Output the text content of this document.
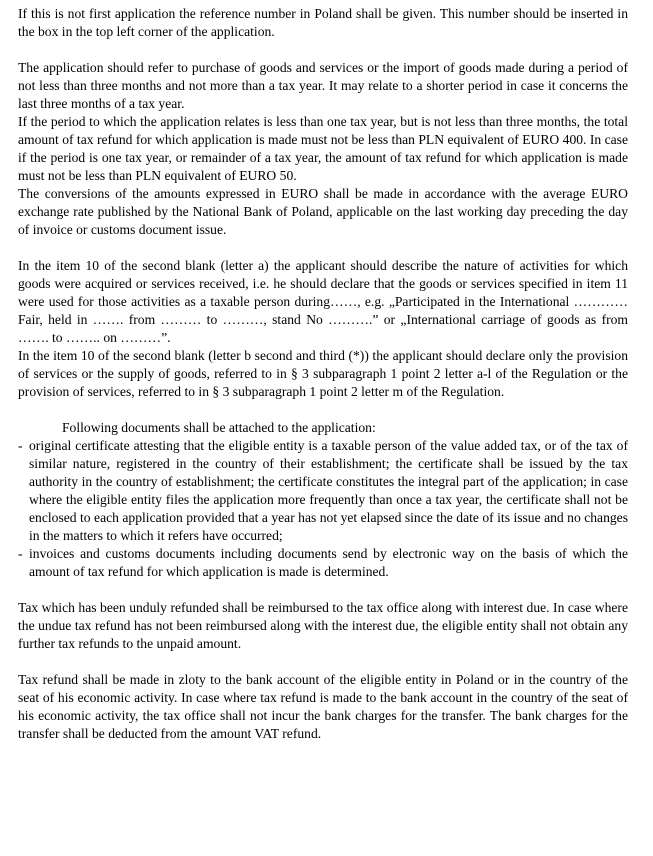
If this is not first application the reference number in Poland shall be given. This number should be inserted in the box in the top left corner of the application.

The application should refer to purchase of goods and services or the import of goods made during a period of not less than three months and not more than a tax year. It may relate to a shorter period in case it concerns the last three months of a tax year.

If the period to which the application relates is less than one tax year, but is not less than three months, the total amount of tax refund for which application is made must not be less than PLN equivalent of EURO 400. In case if the period is one tax year, or remainder of a tax year, the amount of tax refund for which application is made must not be less than PLN equivalent of EURO 50.

The conversions of the amounts expressed in EURO shall be made in accordance with the average EURO exchange rate published by the National Bank of Poland, applicable on the last working day preceding the day of invoice or customs document issue.

In the item 10 of the second blank (letter a) the applicant should describe the nature of activities for which goods were acquired or services received, i.e. he should declare that the goods or services specified in item 11 were used for those activities as a taxable person during……, e.g. „Participated in the International ………… Fair, held in ……. from ……… to ………, stand No ……….” or „International carriage of goods as from ……. to …….. on ………”.

In the item 10 of the second blank (letter b second and third (*)) the applicant should declare only the provision of services or the supply of goods, referred to in § 3 subparagraph 1 point 2 letter a-l of the Regulation or the provision of services, referred to in § 3 subparagraph 1 point 2 letter m of the Regulation.

Following documents shall be attached to the application:

- original certificate attesting that the eligible entity is a taxable person of the value added tax, or of the tax of similar nature, registered in the country of their establishment; the certificate shall be issued by the tax authority in the country of establishment; the certificate constitutes the integral part of the application; in case where the eligible entity files the application more frequently than once a tax year, the certificate shall not be enclosed to each application provided that a year has not yet elapsed since the date of its issue and no changes in the matters to which it refers have occurred;
- invoices and customs documents including documents send by electronic way on the basis of which the amount of tax refund for which application is made is determined.

Tax which has been unduly refunded shall be reimbursed to the tax office along with interest due. In case where the undue tax refund has not been reimbursed along with the interest due, the eligible entity shall not obtain any further tax refunds to the unpaid amount.

Tax refund shall be made in zloty to the bank account of the eligible entity in Poland or in the country of the seat of his economic activity. In case where tax refund is made to the bank account in the country of the seat of his economic activity, the tax office shall not incur the bank charges for the transfer. The bank charges for the transfer shall be deducted from the amount VAT refund.
